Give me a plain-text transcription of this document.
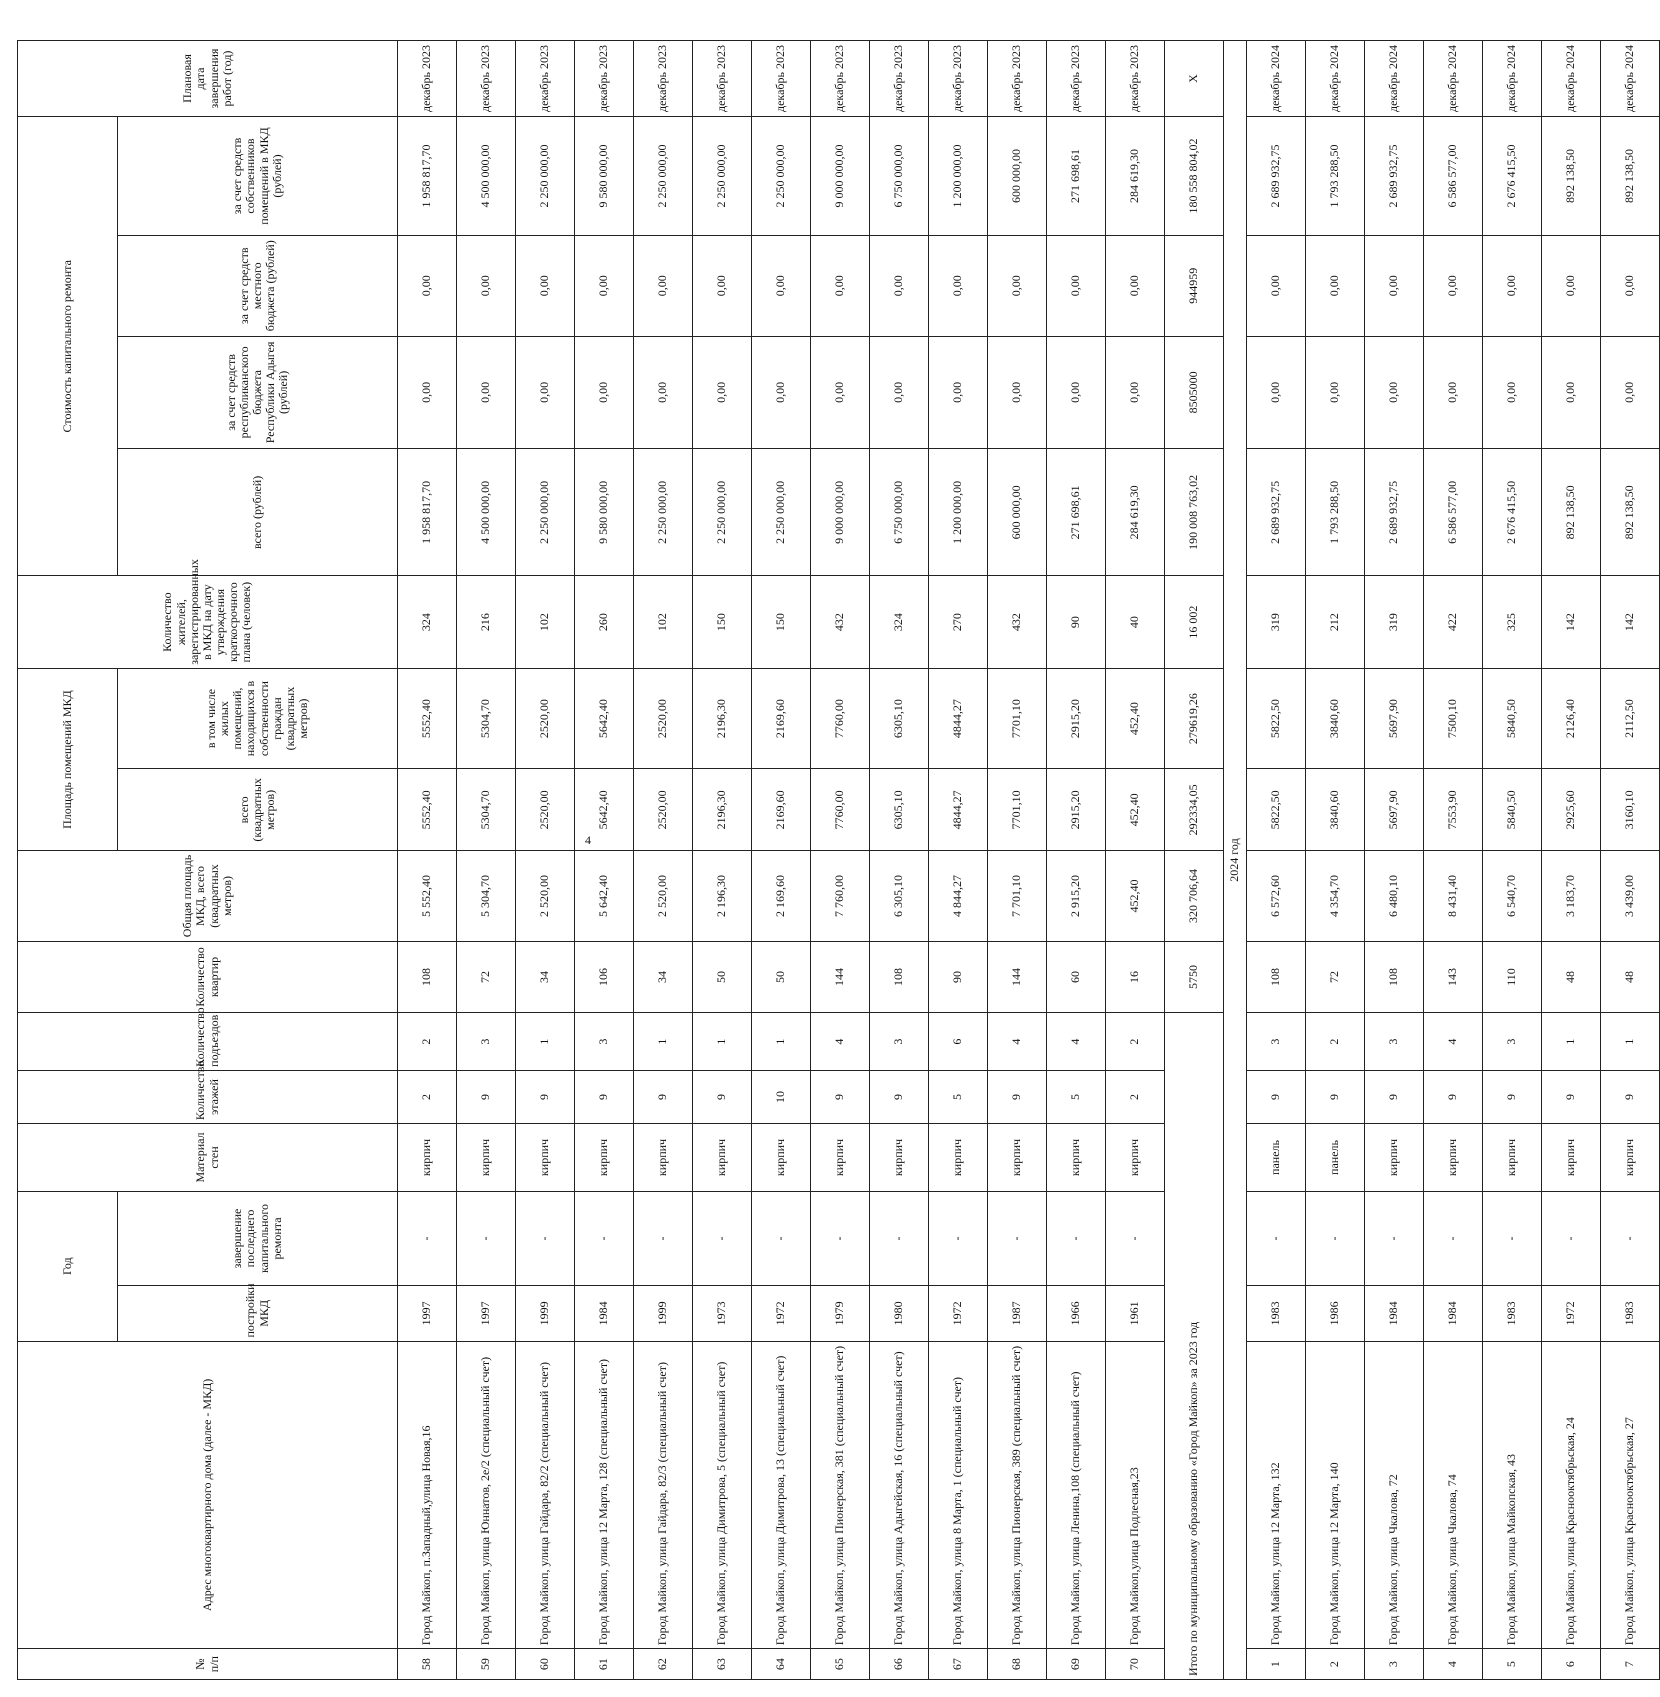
4
№ п/п	Адрес многоквартирного дома (далее - МКД)	Год		Материал стен	Количество этажей	Количество подъездов	Количество квартир	Общая площадь МКД, всего (квадратных метров)	Площадь помещений МКД		Количество жителей, зарегистрированных в МКД на дату утверждения краткосрочного плана (человек)	Стоимость капитального ремонта				Плановая дата завершения работ (год)
		постройки МКД	завершение последнего капитального ремонта						всего (квадратных метров)	в том числе жилых помещений, находящихся в собственности граждан (квадратных метров)		всего (рублей)	за счет средств республиканского бюджета Республики Адыгея (рублей)	за счет средств местного бюджета (рублей)	за счет средств собственников помещений в МКД (рублей)	

58	Город Майкоп, п.Западный,улица Новая,16	1997	-	кирпич	2	2	108	5 552,40	5552,40	5552,40	324	1 958 817,70	0,00	0,00	1 958 817,70	декабрь 2023
59	Город Майкоп, улица Юннатов, 2е/2 (специальный счет)	1997	-	кирпич	9	3	72	5 304,70	5304,70	5304,70	216	4 500 000,00	0,00	0,00	4 500 000,00	декабрь 2023
60	Город Майкоп, улица Гайдара, 82/2 (специальный счет)	1999	-	кирпич	9	1	34	2 520,00	2520,00	2520,00	102	2 250 000,00	0,00	0,00	2 250 000,00	декабрь 2023
61	Город Майкоп, улица 12 Марта, 128 (специальный счет)	1984	-	кирпич	9	3	106	5 642,40	5642,40	5642,40	260	9 580 000,00	0,00	0,00	9 580 000,00	декабрь 2023
62	Город Майкоп, улица Гайдара, 82/3 (специальный счет)	1999	-	кирпич	9	1	34	2 520,00	2520,00	2520,00	102	2 250 000,00	0,00	0,00	2 250 000,00	декабрь 2023
63	Город Майкоп, улица Димитрова, 5 (специальный счет)	1973	-	кирпич	9	1	50	2 196,30	2196,30	2196,30	150	2 250 000,00	0,00	0,00	2 250 000,00	декабрь 2023
64	Город Майкоп, улица Димитрова, 13 (специальный счет)	1972	-	кирпич	10	1	50	2 169,60	2169,60	2169,60	150	2 250 000,00	0,00	0,00	2 250 000,00	декабрь 2023
65	Город Майкоп, улица Пионерская, 381 (специальный счет)	1979	-	кирпич	9	4	144	7 760,00	7760,00	7760,00	432	9 000 000,00	0,00	0,00	9 000 000,00	декабрь 2023
66	Город Майкоп, улица Адыгейская, 16 (специальный счет)	1980	-	кирпич	9	3	108	6 305,10	6305,10	6305,10	324	6 750 000,00	0,00	0,00	6 750 000,00	декабрь 2023
67	Город Майкоп, улица 8 Марта, 1 (специальный счет)	1972	-	кирпич	5	6	90	4 844,27	4844,27	4844,27	270	1 200 000,00	0,00	0,00	1 200 000,00	декабрь 2023
68	Город Майкоп, улица Пионерская, 389 (специальный счет)	1987	-	кирпич	9	4	144	7 701,10	7701,10	7701,10	432	600 000,00	0,00	0,00	600 000,00	декабрь 2023
69	Город Майкоп, улица Ленина,108 (специальный счет)	1966	-	кирпич	5	4	60	2 915,20	2915,20	2915,20	90	271 698,61	0,00	0,00	271 698,61	декабрь 2023
70	Город Майкоп,улица Подлесная,23	1961	-	кирпич	2	2	16	452,40	452,40	452,40	40	284 619,30	0,00	0,00	284 619,30	декабрь 2023
Итого по муниципальному образованию «Город Майкоп» за 2023 год							5750	320 706,64	292334,05	279619,26	16 002	190 008 763,02	8505000	944959	180 558 804,02	Х
2024 год																
1	Город Майкоп, улица 12 Марта, 132	1983	-	панель	9	3	108	6 572,60	5822,50	5822,50	319	2 689 932,75	0,00	0,00	2 689 932,75	декабрь 2024
2	Город Майкоп, улица 12 Марта, 140	1986	-	панель	9	2	72	4 354,70	3840,60	3840,60	212	1 793 288,50	0,00	0,00	1 793 288,50	декабрь 2024
3	Город Майкоп, улица Чкалова, 72	1984	-	кирпич	9	3	108	6 480,10	5697,90	5697,90	319	2 689 932,75	0,00	0,00	2 689 932,75	декабрь 2024
4	Город Майкоп, улица Чкалова, 74	1984	-	кирпич	9	4	143	8 431,40	7553,90	7500,10	422	6 586 577,00	0,00	0,00	6 586 577,00	декабрь 2024
5	Город Майкоп, улица Майкопская, 43	1983	-	кирпич	9	3	110	6 540,70	5840,50	5840,50	325	2 676 415,50	0,00	0,00	2 676 415,50	декабрь 2024
6	Город Майкоп, улица Краснооктябрьская, 24	1972	-	кирпич	9	1	48	3 183,70	2925,60	2126,40	142	892 138,50	0,00	0,00	892 138,50	декабрь 2024
7	Город Майкоп, улица Краснооктябрьская, 27	1983	-	кирпич	9	1	48	3 439,00	3160,10	2112,50	142	892 138,50	0,00	0,00	892 138,50	декабрь 2024
